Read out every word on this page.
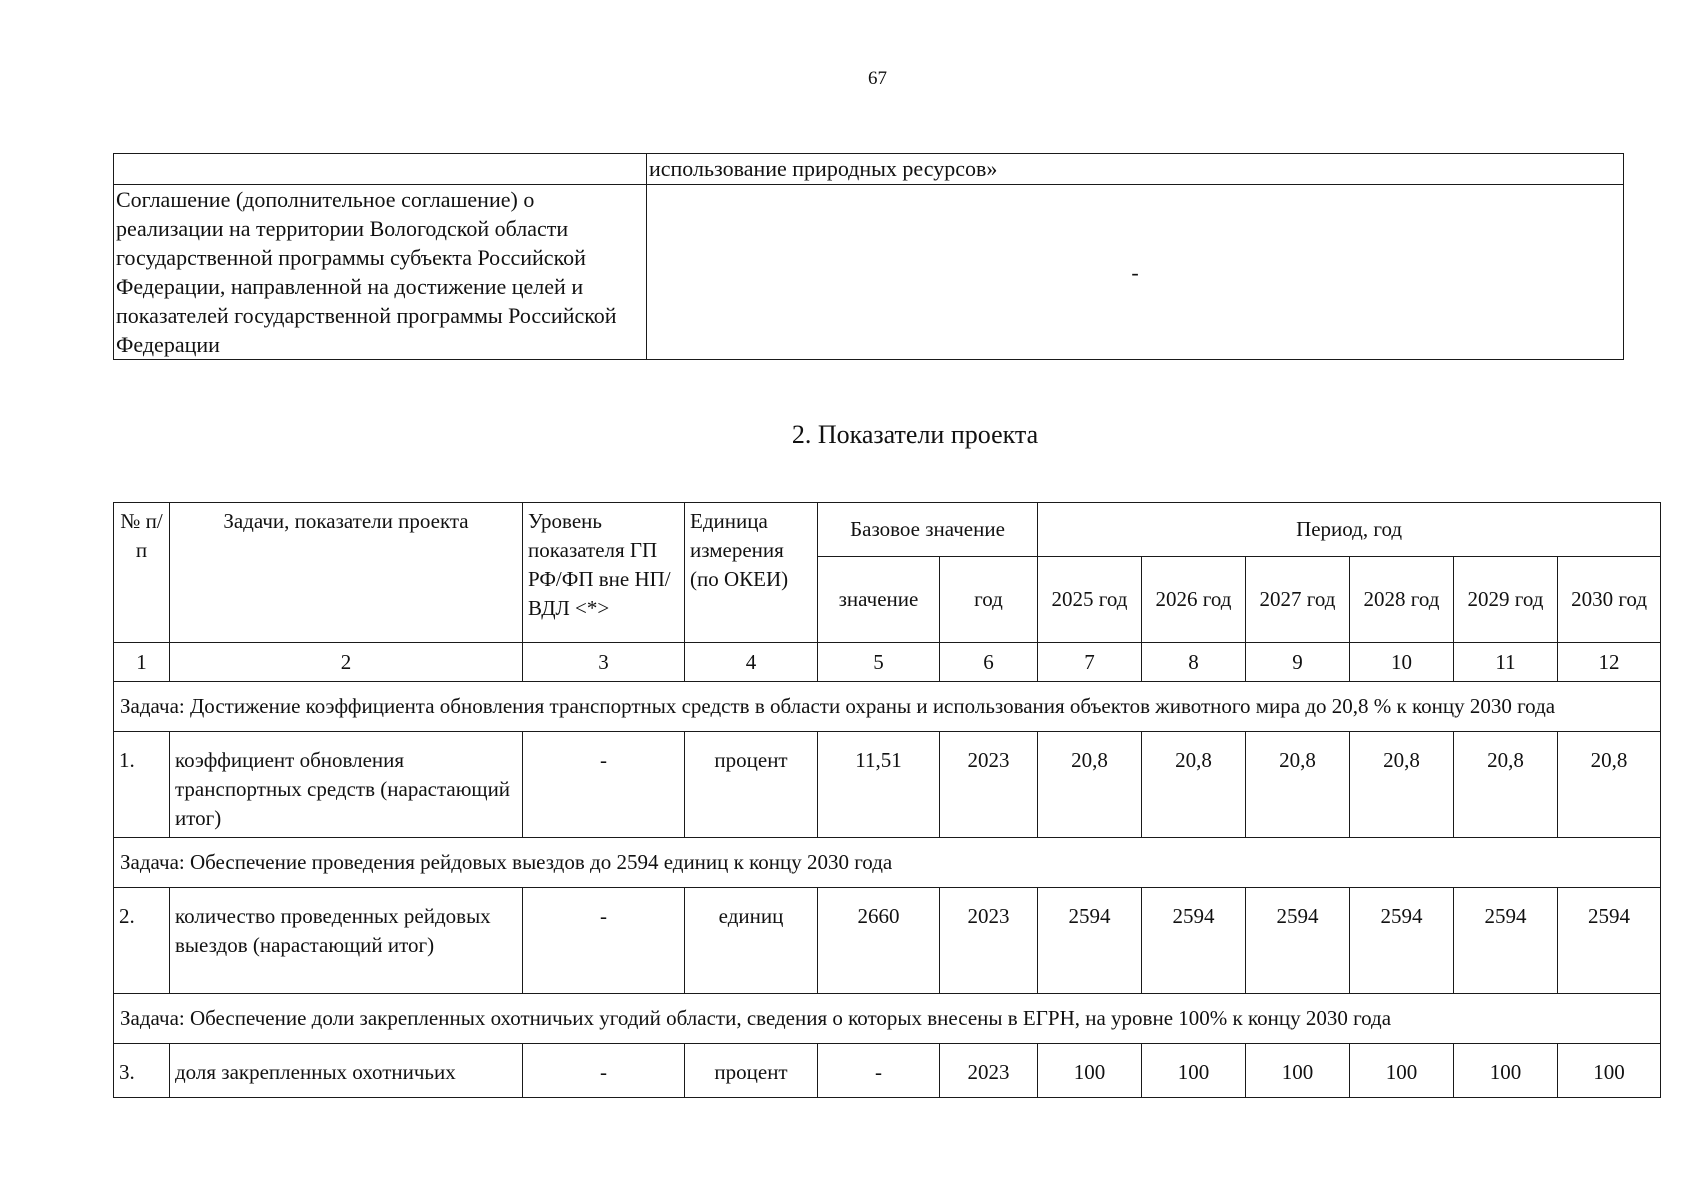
67
	использование природных ресурсов»
Соглашение (дополнительное соглашение) о реализации на территории Вологодской области государственной программы субъекта Российской Федерации, направленной на достижение целей и показателей государственной программы Российской Федерации	-
2. Показатели проекта
№ п/п	Задачи, показатели проекта	Уровень показателя ГП РФ/ФП вне НП/ВДЛ <*>	Единица измерения (по ОКЕИ)	Базовое значение		Период, год					
				значение	год	2025 год	2026 год	2027 год	2028 год	2029 год	2030 год
1	2	3	4	5	6	7	8	9	10	11	12
Задача: Достижение коэффициента обновления транспортных средств в области охраны и использования объектов животного мира до 20,8 % к концу 2030 года											
1.	коэффициент обновления транспортных средств (нарастающий итог)	-	процент	11,51	2023	20,8	20,8	20,8	20,8	20,8	20,8
Задача: Обеспечение проведения рейдовых выездов до 2594 единиц к концу 2030 года											
2.	количество проведенных рейдовых выездов (нарастающий итог)	-	единиц	2660	2023	2594	2594	2594	2594	2594	2594
Задача: Обеспечение доли закрепленных охотничьих угодий области, сведения о которых внесены в ЕГРН, на уровне 100% к концу 2030 года											
3.	доля закрепленных охотничьих	-	процент	-	2023	100	100	100	100	100	100
